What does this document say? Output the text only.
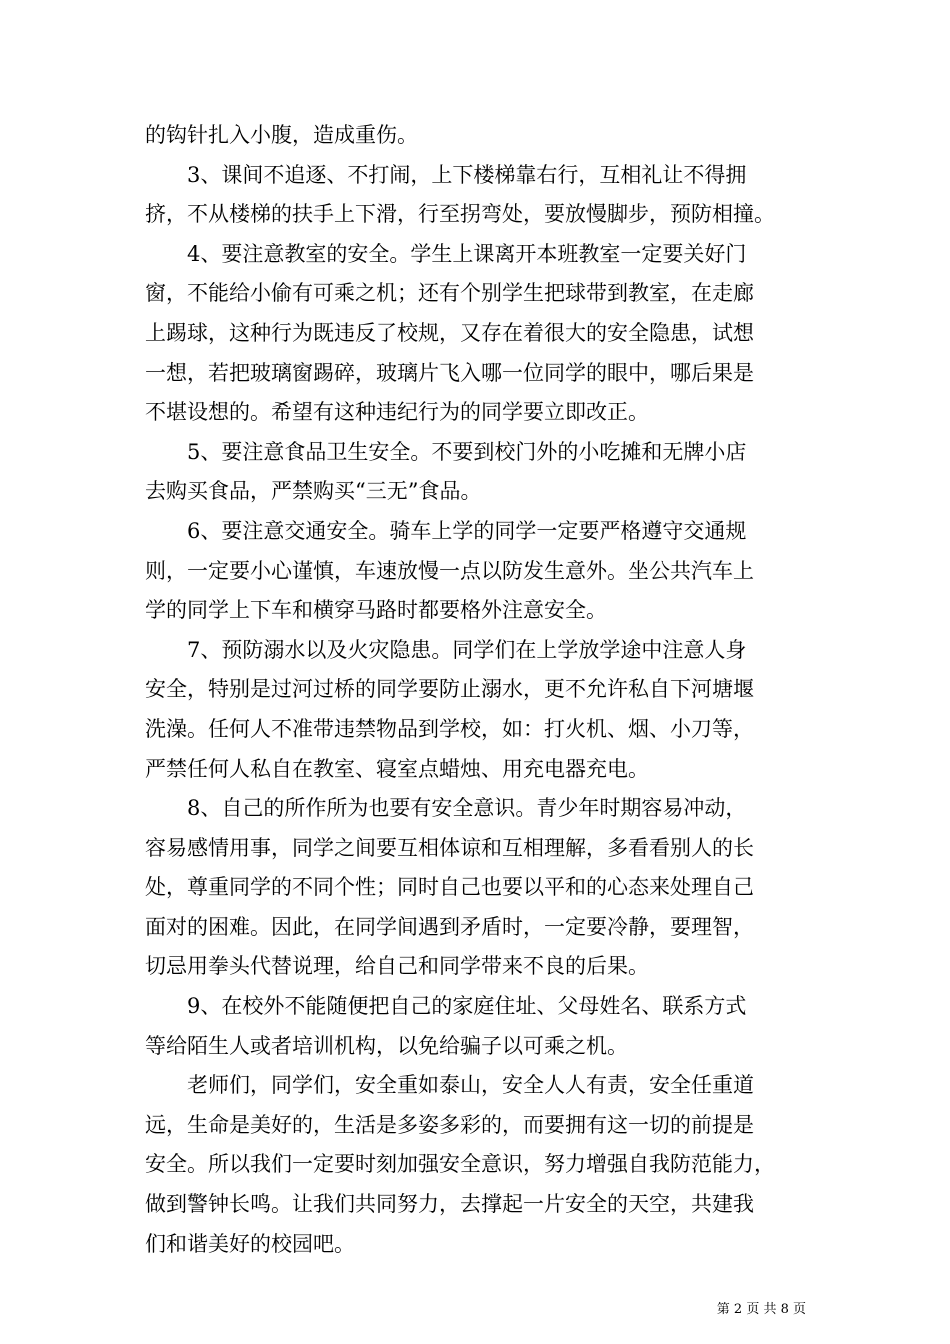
的钩针扎入小腹，造成重伤。
　　3、课间不追逐、不打闹，上下楼梯靠右行，互相礼让不得拥
挤，不从楼梯的扶手上下滑，行至拐弯处，要放慢脚步，预防相撞。
　　4、要注意教室的安全。学生上课离开本班教室一定要关好门
窗，不能给小偷有可乘之机；还有个别学生把球带到教室，在走廊
上踢球，这种行为既违反了校规，又存在着很大的安全隐患，试想
一想，若把玻璃窗踢碎，玻璃片飞入哪一位同学的眼中，哪后果是
不堪设想的。希望有这种违纪行为的同学要立即改正。
　　5、要注意食品卫生安全。不要到校门外的小吃摊和无牌小店
去购买食品，严禁购买“三无”食品。
　　6、要注意交通安全。骑车上学的同学一定要严格遵守交通规
则，一定要小心谨慎，车速放慢一点以防发生意外。坐公共汽车上
学的同学上下车和横穿马路时都要格外注意安全。
　　7、预防溺水以及火灾隐患。同学们在上学放学途中注意人身
安全，特别是过河过桥的同学要防止溺水，更不允许私自下河塘堰
洗澡。任何人不准带违禁物品到学校，如：打火机、烟、小刀等，
严禁任何人私自在教室、寝室点蜡烛、用充电器充电。
　　8、自己的所作所为也要有安全意识。青少年时期容易冲动，
容易感情用事，同学之间要互相体谅和互相理解，多看看别人的长
处，尊重同学的不同个性；同时自己也要以平和的心态来处理自己
面对的困难。因此，在同学间遇到矛盾时，一定要冷静，要理智，
切忌用拳头代替说理，给自己和同学带来不良的后果。
　　9、在校外不能随便把自己的家庭住址、父母姓名、联系方式
等给陌生人或者培训机构，以免给骗子以可乘之机。
　　老师们，同学们，安全重如泰山，安全人人有责，安全任重道
远，生命是美好的，生活是多姿多彩的，而要拥有这一切的前提是
安全。所以我们一定要时刻加强安全意识，努力增强自我防范能力，
做到警钟长鸣。让我们共同努力，去撑起一片安全的天空，共建我
们和谐美好的校园吧。
第 2 页 共 8 页
